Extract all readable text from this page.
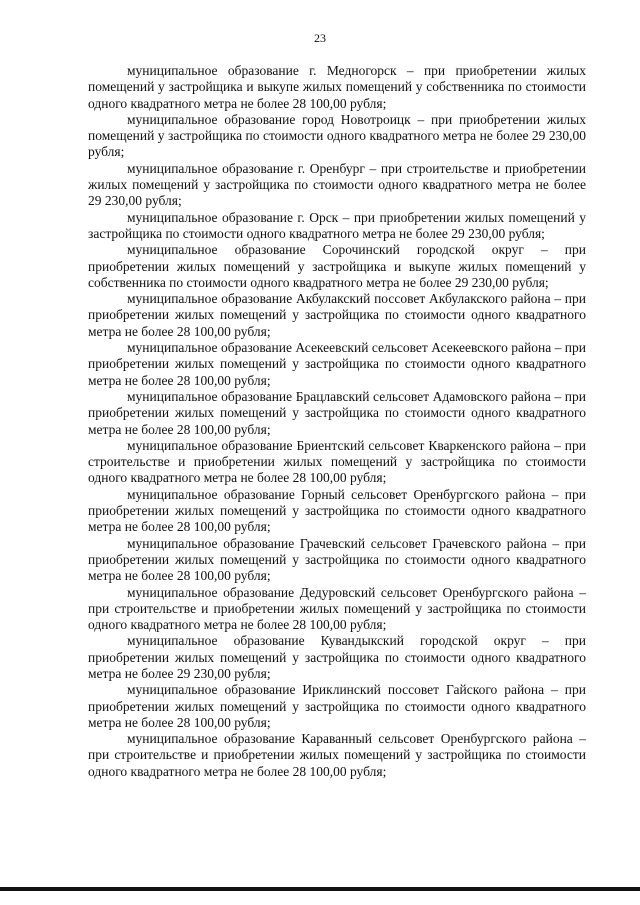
23

муниципальное образование г. Медногорск – при приобретении жилых помещений у застройщика и выкупе жилых помещений у собственника по стоимости одного квадратного метра не более 28 100,00 рубля;

муниципальное образование город Новотроицк – при приобретении жилых помещений у застройщика по стоимости одного квадратного метра не более 29 230,00 рубля;

муниципальное образование г. Оренбург – при строительстве и приобретении жилых помещений у застройщика по стоимости одного квадратного метра не более 29 230,00 рубля;

муниципальное образование г. Орск – при приобретении жилых помещений у застройщика по стоимости одного квадратного метра не более 29 230,00 рубля;

муниципальное образование Сорочинский городской округ – при приобретении жилых помещений у застройщика и выкупе жилых помещений у собственника по стоимости одного квадратного метра не более 29 230,00 рубля;

муниципальное образование Акбулакский поссовет Акбулакского района – при приобретении жилых помещений у застройщика по стоимости одного квадратного метра не более 28 100,00 рубля;

муниципальное образование Асекеевский сельсовет Асекеевского района – при приобретении жилых помещений у застройщика по стоимости одного квадратного метра не более 28 100,00 рубля;

муниципальное образование Брацлавский сельсовет Адамовского района – при приобретении жилых помещений у застройщика по стоимости одного квадратного метра не более 28 100,00 рубля;

муниципальное образование Бриентский сельсовет Кваркенского района – при строительстве и приобретении жилых помещений у застройщика по стоимости одного квадратного метра не более 28 100,00 рубля;

муниципальное образование Горный сельсовет Оренбургского района – при приобретении жилых помещений у застройщика по стоимости одного квадратного метра не более 28 100,00 рубля;

муниципальное образование Грачевский сельсовет Грачевского района – при приобретении жилых помещений у застройщика по стоимости одного квадратного метра не более 28 100,00 рубля;

муниципальное образование Дедуровский сельсовет Оренбургского района – при строительстве и приобретении жилых помещений у застройщика по стоимости одного квадратного метра не более 28 100,00 рубля;

муниципальное образование Кувандыкский городской округ – при приобретении жилых помещений у застройщика по стоимости одного квадратного метра не более 29 230,00 рубля;

муниципальное образование Ириклинский поссовет Гайского района – при приобретении жилых помещений у застройщика по стоимости одного квадратного метра не более 28 100,00 рубля;

муниципальное образование Караванный сельсовет Оренбургского района – при строительстве и приобретении жилых помещений у застройщика по стоимости одного квадратного метра не более 28 100,00 рубля;
